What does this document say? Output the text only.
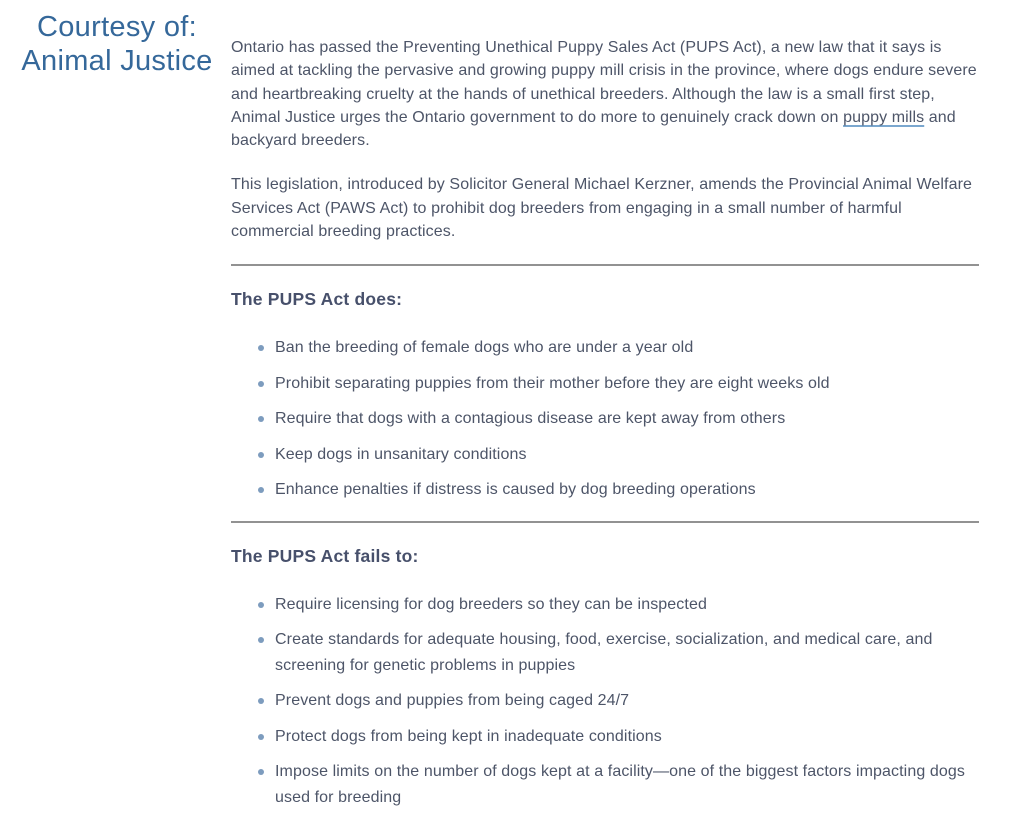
Courtesy of:
Animal Justice	Ontario has passed the Preventing Unethical Puppy Sales Act (PUPS Act), a new law that it says is aimed at tackling the pervasive and growing puppy mill crisis in the province, where dogs endure severe and heartbreaking cruelty at the hands of unethical breeders. Although the law is a small first step, Animal Justice urges the Ontario government to do more to genuinely crack down on puppy mills and backyard breeders.

This legislation, introduced by Solicitor General Michael Kerzner, amends the Provincial Animal Welfare Services Act (PAWS Act) to prohibit dog breeders from engaging in a small number of harmful commercial breeding practices.

The PUPS Act does:
Ban the breeding of female dogs who are under a year old
Prohibit separating puppies from their mother before they are eight weeks old
Require that dogs with a contagious disease are kept away from others
Keep dogs in unsanitary conditions
Enhance penalties if distress is caused by dog breeding operations
The PUPS Act fails to:
Require licensing for dog breeders so they can be inspected
Create standards for adequate housing, food, exercise, socialization, and medical care, and screening for genetic problems in puppies
Prevent dogs and puppies from being caged 24/7
Protect dogs from being kept in inadequate conditions
Impose limits on the number of dogs kept at a facility—one of the biggest factors impacting dogs used for breeding
